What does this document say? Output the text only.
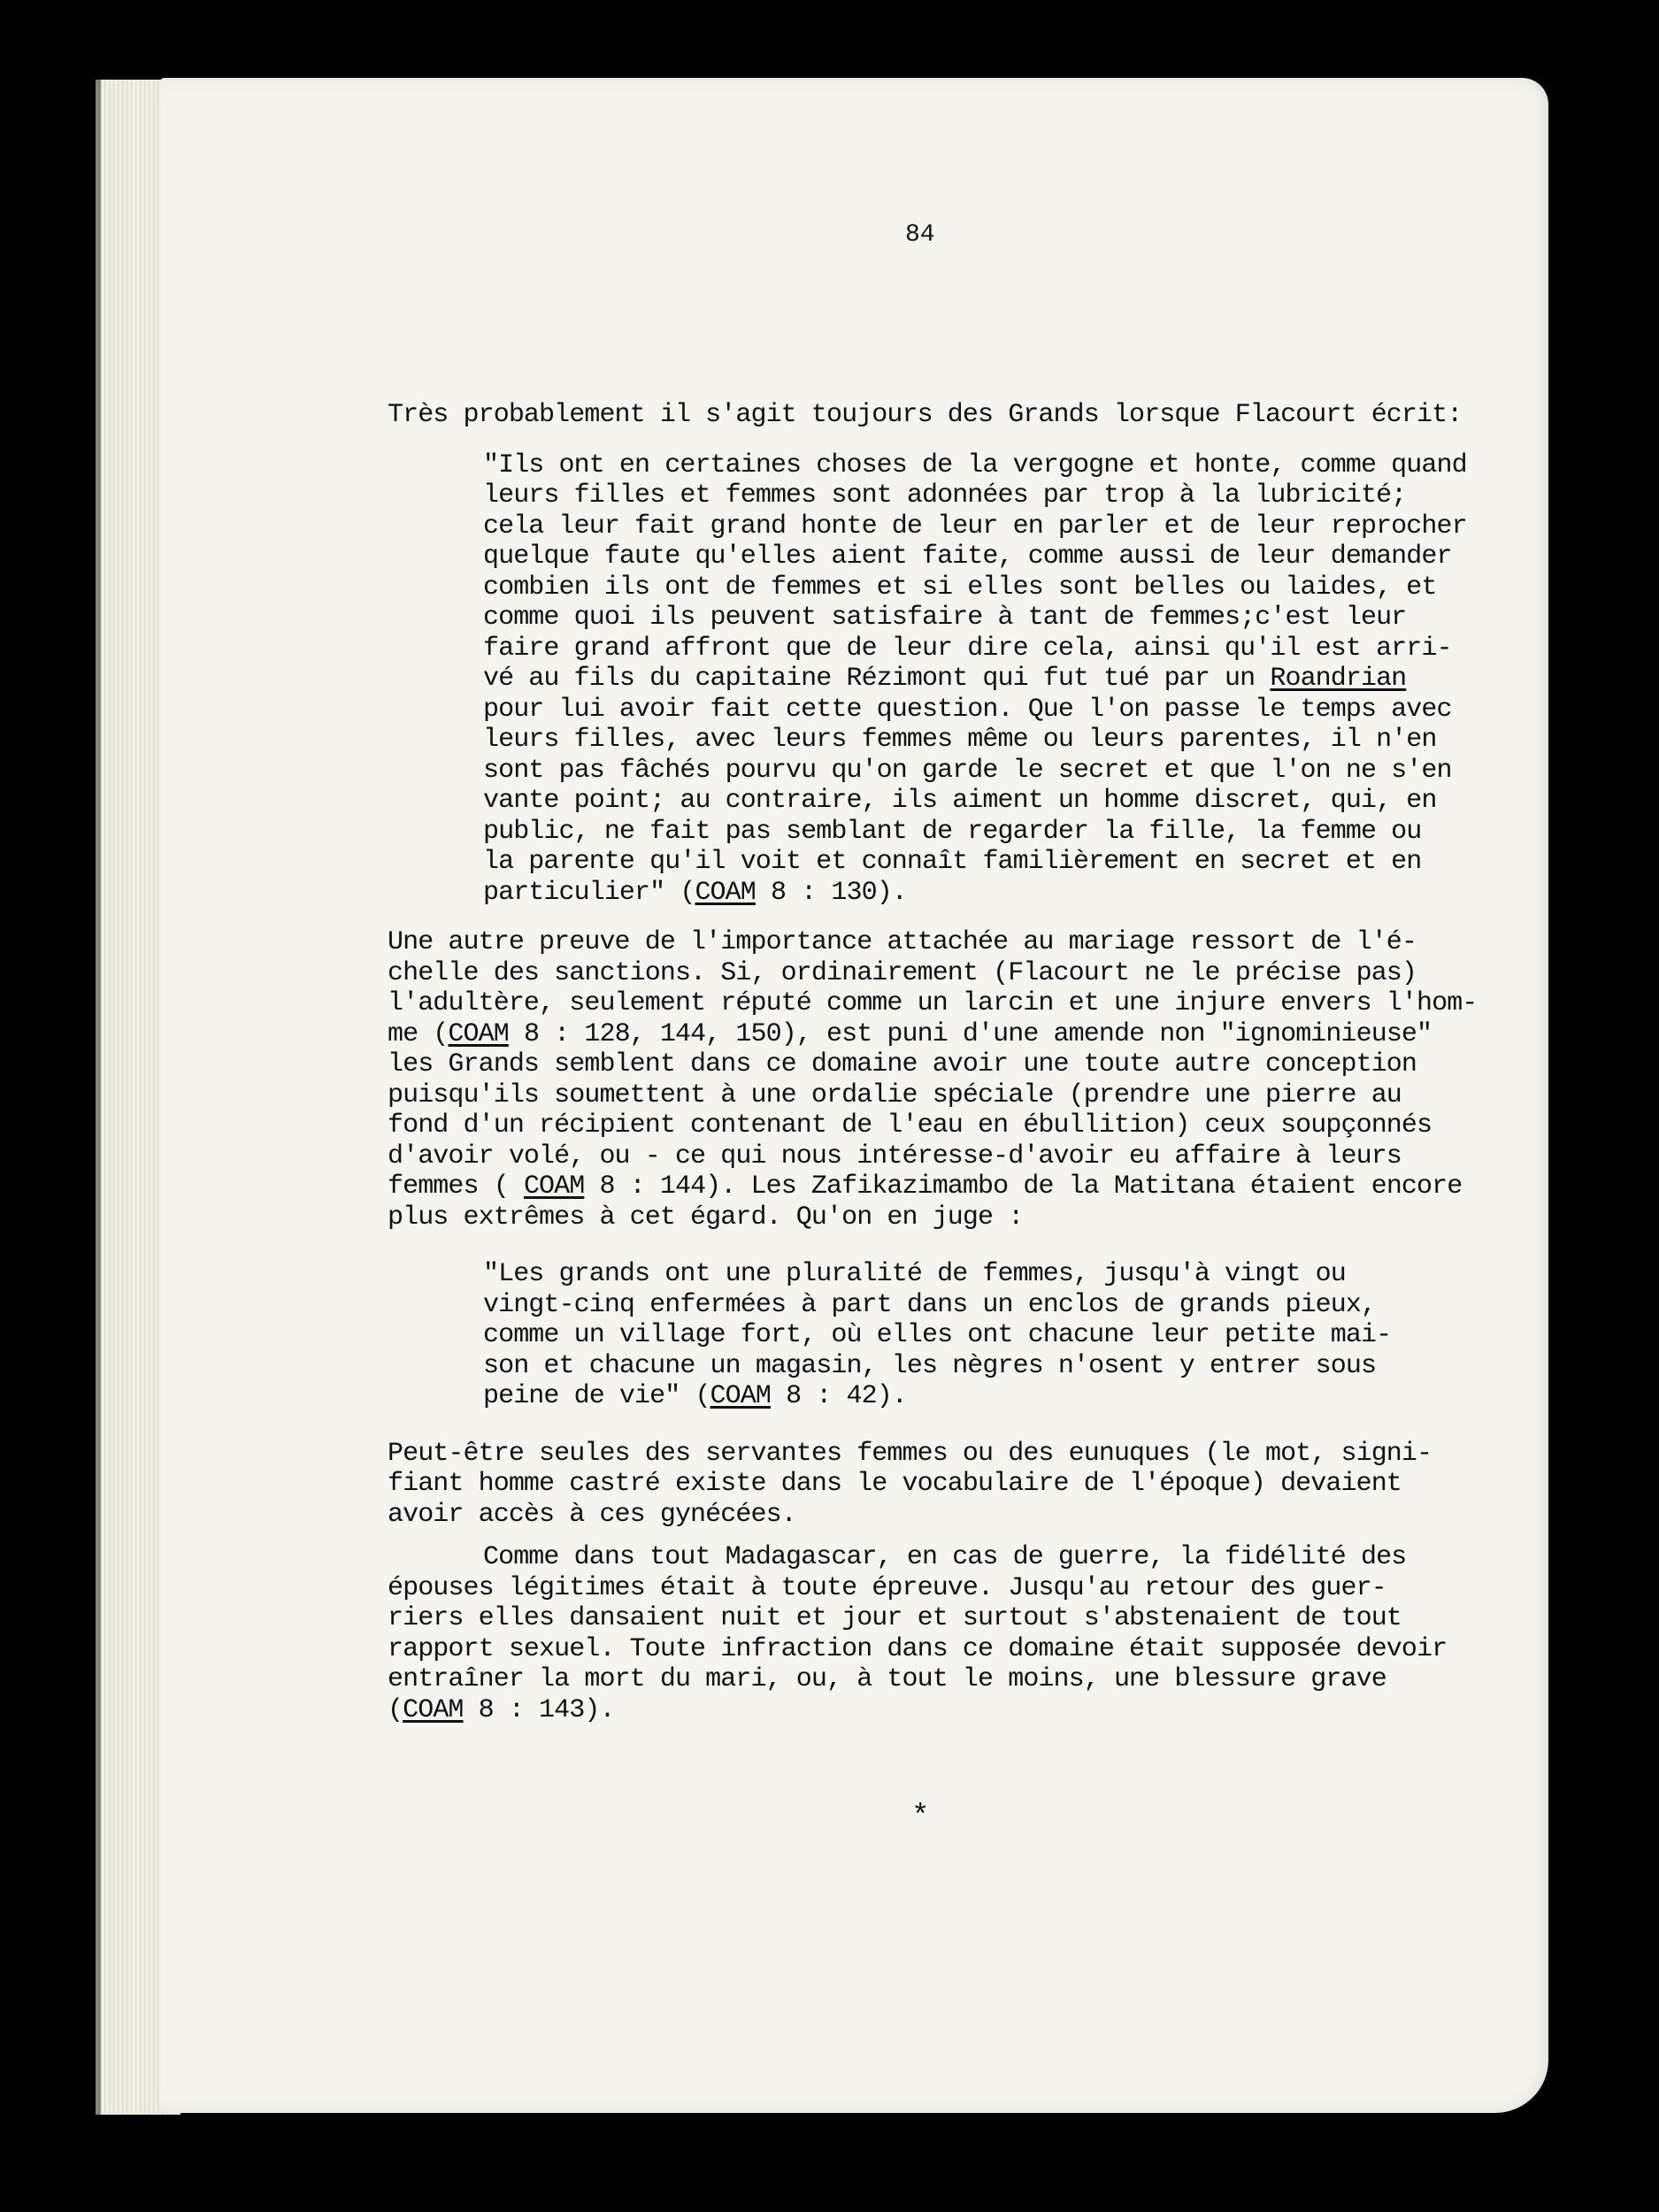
84

Très probablement il s'agit toujours des Grands lorsque Flacourt écrit:

"Ils ont en certaines choses de la vergogne et honte, comme quand
leurs filles et femmes sont adonnées par trop à la lubricité;
cela leur fait grand honte de leur en parler et de leur reprocher
quelque faute qu'elles aient faite, comme aussi de leur demander
combien ils ont de femmes et si elles sont belles ou laides, et
comme quoi ils peuvent satisfaire à tant de femmes;c'est leur
faire grand affront que de leur dire cela, ainsi qu'il est arri-
vé au fils du capitaine Rézimont qui fut tué par un Roandrian
pour lui avoir fait cette question. Que l'on passe le temps avec
leurs filles, avec leurs femmes même ou leurs parentes, il n'en
sont pas fâchés pourvu qu'on garde le secret et que l'on ne s'en
vante point; au contraire, ils aiment un homme discret, qui, en
public, ne fait pas semblant de regarder la fille, la femme ou
la parente qu'il voit et connaît familièrement en secret et en
particulier" (COAM 8 : 130).
Une autre preuve de l'importance attachée au mariage ressort de l'é-
chelle des sanctions. Si, ordinairement (Flacourt ne le précise pas)
l'adultère, seulement réputé comme un larcin et une injure envers l'hom-
me (COAM 8 : 128, 144, 150), est puni d'une amende non "ignominieuse"
les Grands semblent dans ce domaine avoir une toute autre conception
puisqu'ils soumettent à une ordalie spéciale (prendre une pierre au
fond d'un récipient contenant de l'eau en ébullition) ceux soupçonnés
d'avoir volé, ou - ce qui nous intéresse-d'avoir eu affaire à leurs
femmes ( COAM 8 : 144). Les Zafikazimambo de la Matitana étaient encore
plus extrêmes à cet égard. Qu'on en juge :
"Les grands ont une pluralité de femmes, jusqu'à vingt ou
vingt-cinq enfermées à part dans un enclos de grands pieux,
comme un village fort, où elles ont chacune leur petite mai-
son et chacune un magasin, les nègres n'osent y entrer sous
peine de vie" (COAM 8 : 42).
Peut-être seules des servantes femmes ou des eunuques (le mot, signi-
fiant homme castré existe dans le vocabulaire de l'époque) devaient
avoir accès à ces gynécées.
Comme dans tout Madagascar, en cas de guerre, la fidélité des
épouses légitimes était à toute épreuve. Jusqu'au retour des guer-
riers elles dansaient nuit et jour et surtout s'abstenaient de tout
rapport sexuel. Toute infraction dans ce domaine était supposée devoir
entraîner la mort du mari, ou, à tout le moins, une blessure grave
(COAM 8 : 143).
*
